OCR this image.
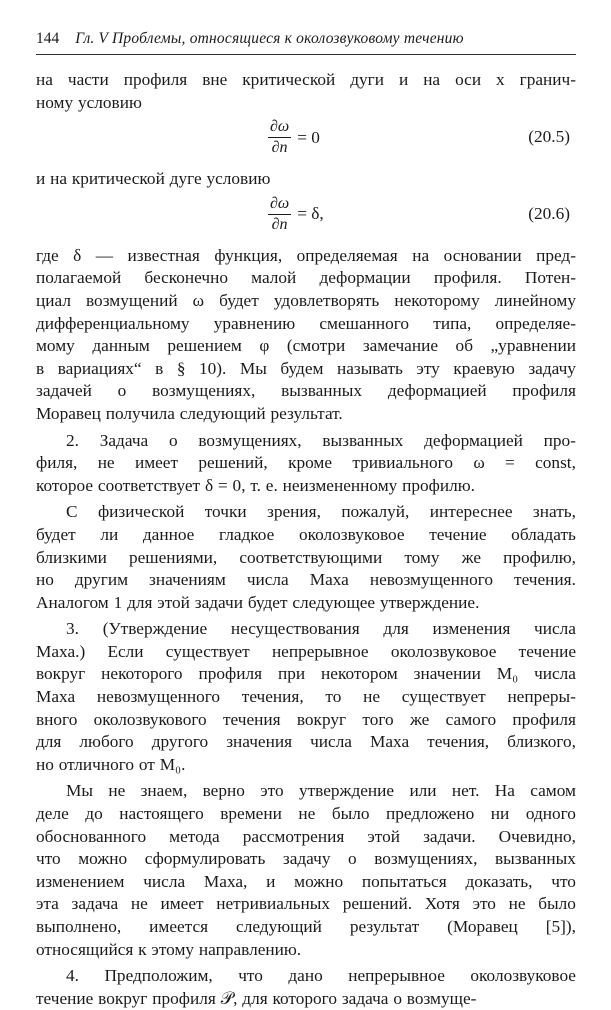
144 Гл. V Проблемы, относящиеся к околозвуковому течению
на части профиля вне критической дуги и на оси x гранич-
ному условию
$\frac{\partial\omega}{\partial n} = 0$	(20.5)
и на критической дуге условию
$\frac{\partial\omega}{\partial n} = \delta$,	(20.6)
где δ — известная функция, определяемая на основании пред-
полагаемой бесконечно малой деформации профиля. Потен-
циал возмущений ω будет удовлетворять некоторому линейному
дифференциальному уравнению смешанного типа, определяе-
мому данным решением φ (смотри замечание об „уравнении
в вариациях“ в § 10). Мы будем называть эту краевую задачу
задачей о возмущениях, вызванных деформацией профиля
Моравец получила следующий результат.
2. Задача о возмущениях, вызванных деформацией про-
филя, не имеет решений, кроме тривиального ω = const,
которое соответствует δ = 0, т. е. неизмененному профилю.
С физической точки зрения, пожалуй, интереснее знать,
будет ли данное гладкое околозвуковое течение обладать
близкими решениями, соответствующими тому же профилю,
но другим значениям числа Маха невозмущенного течения.
Аналогом 1 для этой задачи будет следующее утверждение.
3. (Утверждение несуществования для изменения числа
Маха.) Если существует непрерывное околозвуковое течение
вокруг некоторого профиля при некотором значении M₀ числа
Маха невозмущенного течения, то не существует непреры-
вного околозвукового течения вокруг того же самого профиля
для любого другого значения числа Маха течения, близкого,
но отличного от M₀.
Мы не знаем, верно это утверждение или нет. На самом
деле до настоящего времени не было предложено ни одного
обоснованного метода рассмотрения этой задачи. Очевидно,
что можно сформулировать задачу о возмущениях, вызванных
изменением числа Маха, и можно попытаться доказать, что
эта задача не имеет нетривиальных решений. Хотя это не было
выполнено, имеется следующий результат (Моравец [5]),
относящийся к этому направлению.
4. Предположим, что дано непрерывное околозвуковое
течение вокруг профиля 𝒫, для которого задача о возмуще-
